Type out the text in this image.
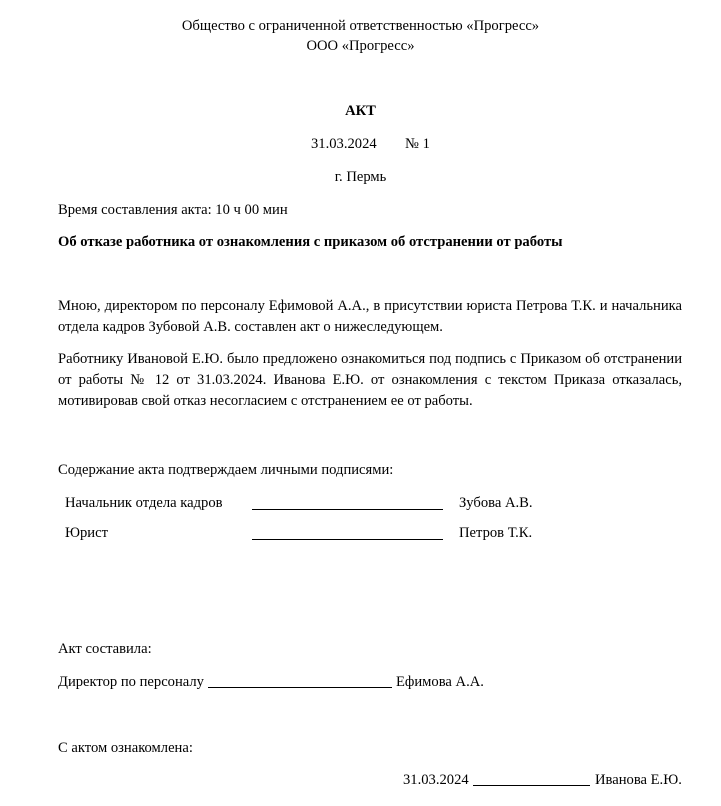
Общество с ограниченной ответственностью «Прогресс»
ООО «Прогресс»
АКТ
31.03.2024 № 1
г. Пермь
Время составления акта: 10 ч 00 мин
Об отказе работника от ознакомления с приказом об отстранении от работы
Мною, директором по персоналу Ефимовой А.А., в присутствии юриста Петрова Т.К. и начальника отдела кадров Зубовой А.В. составлен акт о нижеследующем.
Работнику Ивановой Е.Ю. было предложено ознакомиться под подпись с Приказом об отстранении от работы № 12 от 31.03.2024. Иванова Е.Ю. от ознакомления с текстом Приказа отказалась, мотивировав свой отказ несогласием с отстранением ее от работы.
Содержание акта подтверждаем личными подписями:
Начальник отдела кадров	Зубова А.В.
Юрист	Петров Т.К.
Акт составила:
Директор по персоналу	Ефимова А.А.
С актом ознакомлена:
31.03.2024	Иванова Е.Ю.
